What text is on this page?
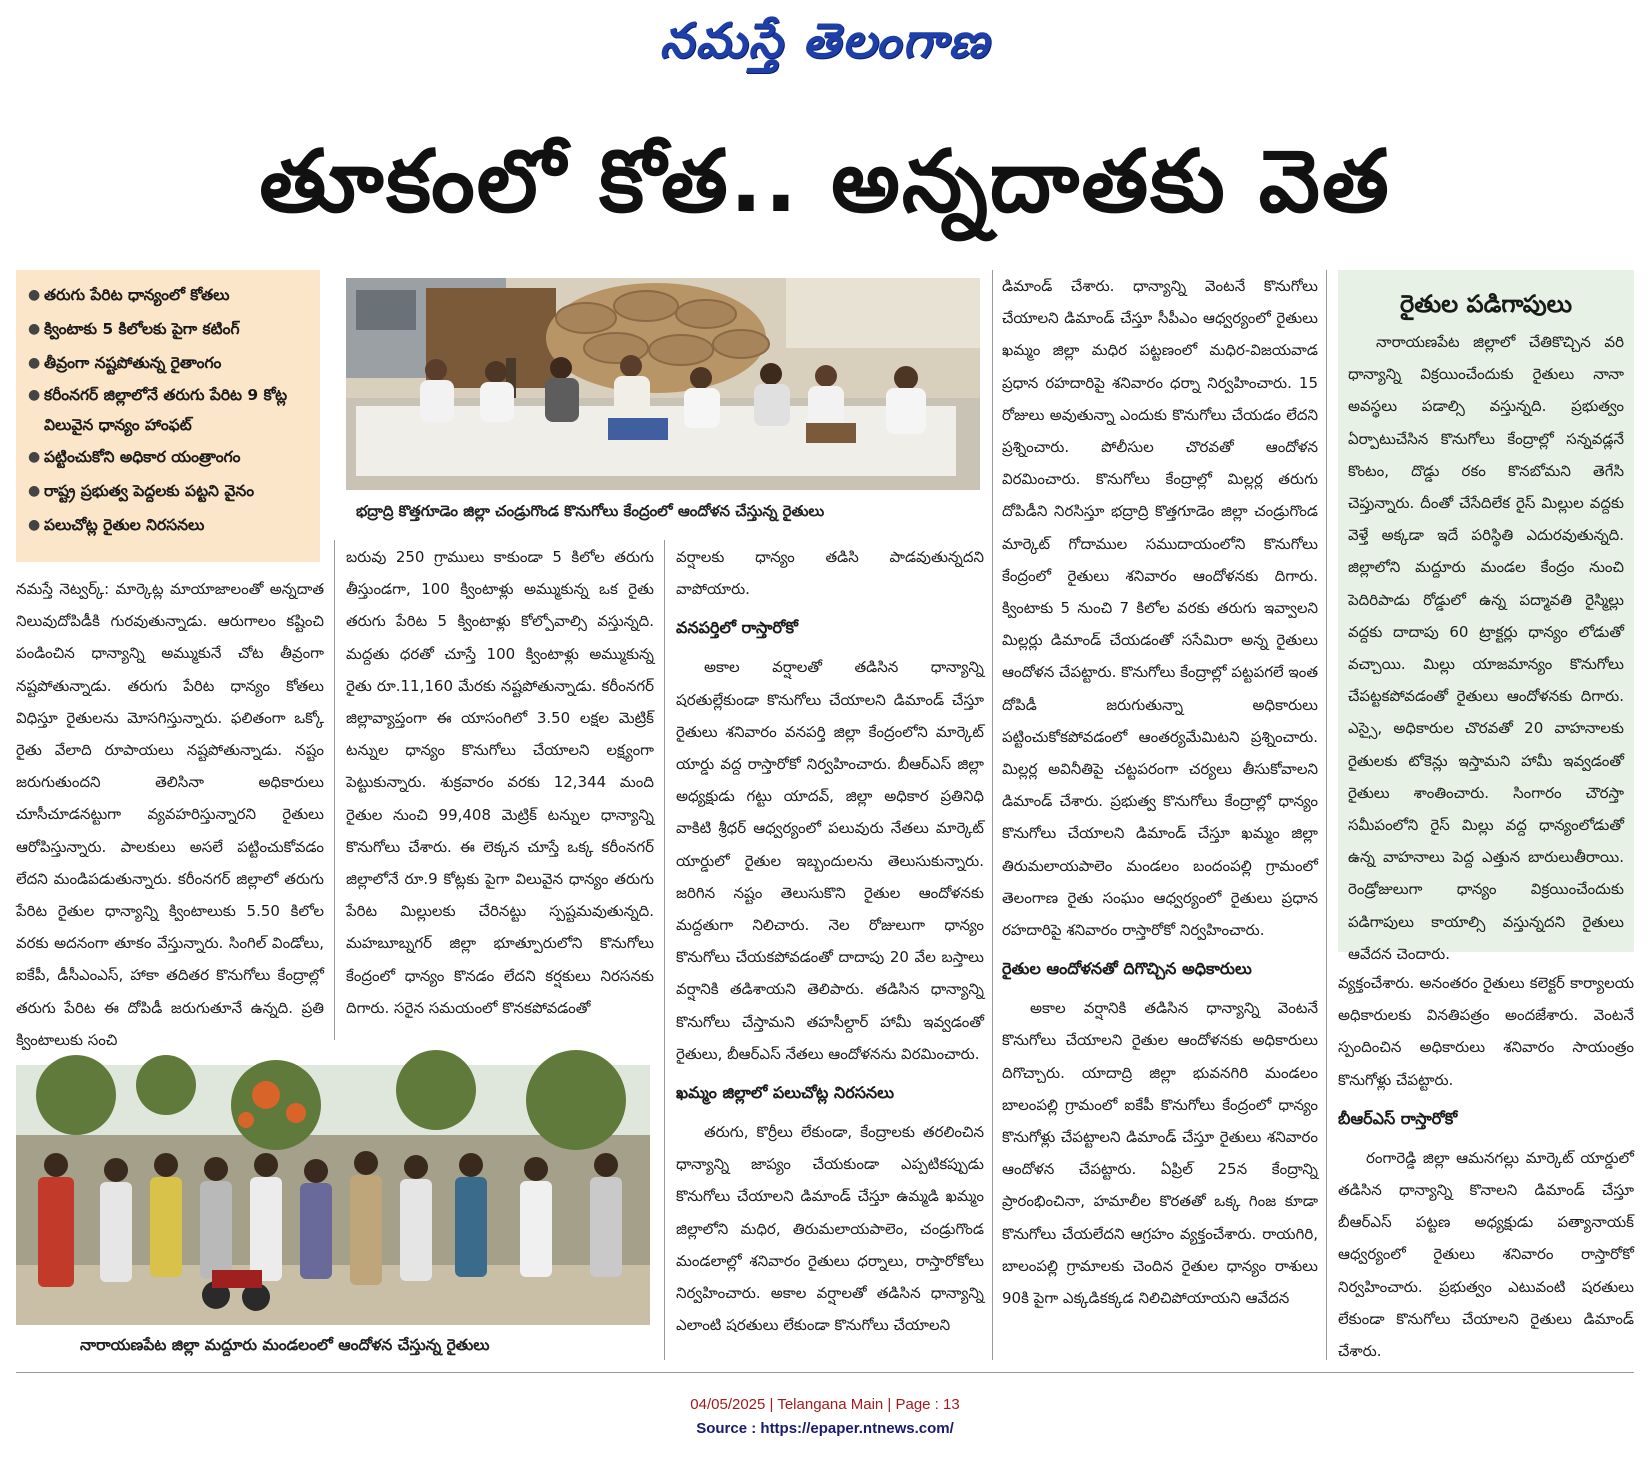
నమస్తే తెలంగాణ
తూకంలో కోత.. అన్నదాతకు వెత
● తరుగు పేరిట ధాన్యంలో కోతలు
● క్వింటాకు 5 కిలోలకు పైగా కటింగ్
● తీవ్రంగా నష్టపోతున్న రైతాంగం
● కరీంనగర్ జిల్లాలోనే తరుగు పేరిట 9 కోట్ల విలువైన ధాన్యం హాంఫట్
● పట్టించుకోని అధికార యంత్రాంగం
● రాష్ట్ర ప్రభుత్వ పెద్దలకు పట్టని వైనం
● పలుచోట్ల రైతుల నిరసనలు
భద్రాద్రి కొత్తగూడెం జిల్లా చండ్రుగొండ కొనుగోలు కేంద్రంలో ఆందోళన చేస్తున్న రైతులు

నమస్తే నెట్వర్క్: మార్కెట్ల మాయాజాలంతో అన్నదాత నిలువుదోపిడీకి గురవుతున్నాడు. ఆరుగాలం కష్టించి పండించిన ధాన్యాన్ని అమ్ముకునే చోట తీవ్రంగా నష్టపోతున్నాడు. తరుగు పేరిట ధాన్యం కోతలు విధిస్తూ రైతులను మోసగిస్తున్నారు. ఫలితంగా ఒక్కో రైతు వేలాది రూపాయలు నష్టపోతున్నాడు. నష్టం జరుగుతుందని తెలిసినా అధికారులు చూసీచూడనట్టుగా వ్యవహరిస్తున్నారని రైతులు ఆరోపిస్తున్నారు. పాలకులు అసలే పట్టించుకోవడం లేదని మండిపడుతున్నారు. కరీంనగర్ జిల్లాలో తరుగు పేరిట రైతుల ధాన్యాన్ని క్వింటాలుకు 5.50 కిలోల వరకు అదనంగా తూకం వేస్తున్నారు. సింగిల్ విండోలు, ఐకేపీ, డీసీఎంఎస్, హాకా తదితర కొనుగోలు కేంద్రాల్లో తరుగు పేరిట ఈ దోపిడీ జరుగుతూనే ఉన్నది. ప్రతి క్వింటాలుకు సంచి

బరువు 250 గ్రాములు కాకుండా 5 కిలోల తరుగు తీస్తుండగా, 100 క్వింటాళ్లు అమ్ముకున్న ఒక రైతు తరుగు పేరిట 5 క్వింటాళ్లు కోల్పోవాల్సి వస్తున్నది. మద్దతు ధరతో చూస్తే 100 క్వింటాళ్లు అమ్ముకున్న రైతు రూ.11,160 మేరకు నష్టపోతున్నాడు. కరీంనగర్ జిల్లావ్యాప్తంగా ఈ యాసంగిలో 3.50 లక్షల మెట్రిక్ టన్నుల ధాన్యం కొనుగోలు చేయాలని లక్ష్యంగా పెట్టుకున్నారు. శుక్రవారం వరకు 12,344 మంది రైతుల నుంచి 99,408 మెట్రిక్ టన్నుల ధాన్యాన్ని కొనుగోలు చేశారు. ఈ లెక్కన చూస్తే ఒక్క కరీంనగర్ జిల్లాలోనే రూ.9 కోట్లకు పైగా విలువైన ధాన్యం తరుగు పేరిట మిల్లులకు చేరినట్టు స్పష్టమవుతున్నది. మహబూబ్నగర్ జిల్లా భూత్పూరులోని కొనుగోలు కేంద్రంలో ధాన్యం కొనడం లేదని కర్షకులు నిరసనకు దిగారు. సరైన సమయంలో కొనకపోవడంతో

నారాయణపేట జిల్లా మద్దూరు మండలంలో ఆందోళన చేస్తున్న రైతులు

వర్షాలకు ధాన్యం తడిసి పాడవుతున్నదని వాపోయారు.

వనపర్తిలో రాస్తారోకో

అకాల వర్షాలతో తడిసిన ధాన్యాన్ని షరతుల్లేకుండా కొనుగోలు చేయాలని డిమాండ్ చేస్తూ రైతులు శనివారం వనపర్తి జిల్లా కేంద్రంలోని మార్కెట్ యార్డు వద్ద రాస్తారోకో నిర్వహించారు. బీఆర్ఎస్ జిల్లా అధ్యక్షుడు గట్టు యాదవ్, జిల్లా అధికార ప్రతినిధి వాకిటి శ్రీధర్ ఆధ్వర్యంలో పలువురు నేతలు మార్కెట్ యార్డులో రైతుల ఇబ్బందులను తెలుసుకున్నారు. జరిగిన నష్టం తెలుసుకొని రైతుల ఆందోళనకు మద్దతుగా నిలిచారు. నెల రోజులుగా ధాన్యం కొనుగోలు చేయకపోవడంతో దాదాపు 20 వేల బస్తాలు వర్షానికి తడిశాయని తెలిపారు. తడిసిన ధాన్యాన్ని కొనుగోలు చేస్తామని తహసీల్దార్ హామీ ఇవ్వడంతో రైతులు, బీఆర్ఎస్ నేతలు ఆందోళనను విరమించారు.

ఖమ్మం జిల్లాలో పలుచోట్ల నిరసనలు

తరుగు, కొర్రీలు లేకుండా, కేంద్రాలకు తరలించిన ధాన్యాన్ని జాప్యం చేయకుండా ఎప్పటికప్పుడు కొనుగోలు చేయాలని డిమాండ్ చేస్తూ ఉమ్మడి ఖమ్మం జిల్లాలోని మధిర, తిరుమలాయపాలెం, చండ్రుగొండ మండలాల్లో శనివారం రైతులు ధర్నాలు, రాస్తారోకోలు నిర్వహించారు. అకాల వర్షాలతో తడిసిన ధాన్యాన్ని ఎలాంటి షరతులు లేకుండా కొనుగోలు చేయాలని

డిమాండ్ చేశారు. ధాన్యాన్ని వెంటనే కొనుగోలు చేయాలని డిమాండ్ చేస్తూ సీపీఎం ఆధ్వర్యంలో రైతులు ఖమ్మం జిల్లా మధిర పట్టణంలో మధిర-విజయవాడ ప్రధాన రహదారిపై శనివారం ధర్నా నిర్వహించారు. 15 రోజులు అవుతున్నా ఎందుకు కొనుగోలు చేయడం లేదని ప్రశ్నించారు. పోలీసుల చొరవతో ఆందోళన విరమించారు. కొనుగోలు కేంద్రాల్లో మిల్లర్ల తరుగు దోపిడీని నిరసిస్తూ భద్రాద్రి కొత్తగూడెం జిల్లా చండ్రుగొండ మార్కెట్ గోదాముల సముదాయంలోని కొనుగోలు కేంద్రంలో రైతులు శనివారం ఆందోళనకు దిగారు. క్వింటాకు 5 నుంచి 7 కిలోల వరకు తరుగు ఇవ్వాలని మిల్లర్లు డిమాండ్ చేయడంతో ససేమిరా అన్న రైతులు ఆందోళన చేపట్టారు. కొనుగోలు కేంద్రాల్లో పట్టపగలే ఇంత దోపిడీ జరుగుతున్నా అధికారులు పట్టించుకోకపోవడంలో ఆంతర్యమేమిటని ప్రశ్నించారు. మిల్లర్ల అవినీతిపై చట్టపరంగా చర్యలు తీసుకోవాలని డిమాండ్ చేశారు. ప్రభుత్వ కొనుగోలు కేంద్రాల్లో ధాన్యం కొనుగోలు చేయాలని డిమాండ్ చేస్తూ ఖమ్మం జిల్లా తిరుమలాయపాలెం మండలం బందంపల్లి గ్రామంలో తెలంగాణ రైతు సంఘం ఆధ్వర్యంలో రైతులు ప్రధాన రహదారిపై శనివారం రాస్తారోకో నిర్వహించారు.

రైతుల ఆందోళనతో దిగొచ్చిన అధికారులు

అకాల వర్షానికి తడిసిన ధాన్యాన్ని వెంటనే కొనుగోలు చేయాలని రైతుల ఆందోళనకు అధికారులు దిగొచ్చారు. యాదాద్రి జిల్లా భువనగిరి మండలం బాలంపల్లి గ్రామంలో ఐకేపీ కొనుగోలు కేంద్రంలో ధాన్యం కొనుగోళ్లు చేపట్టాలని డిమాండ్ చేస్తూ రైతులు శనివారం ఆందోళన చేపట్టారు. ఏప్రిల్ 25న కేంద్రాన్ని ప్రారంభించినా, హమాలీల కొరతతో ఒక్క గింజ కూడా కొనుగోలు చేయలేదని ఆగ్రహం వ్యక్తంచేశారు. రాయగిరి, బాలంపల్లి గ్రామాలకు చెందిన రైతుల ధాన్యం రాశులు 90కి పైగా ఎక్కడికక్కడ నిలిచిపోయాయని ఆవేదన

రైతుల పడిగాపులు

నారాయణపేట జిల్లాలో చేతికొచ్చిన వరి ధాన్యాన్ని విక్రయించేందుకు రైతులు నానా అవస్థలు పడాల్సి వస్తున్నది. ప్రభుత్వం ఏర్పాటుచేసిన కొనుగోలు కేంద్రాల్లో సన్నవడ్లనే కొంటం, దొడ్డు రకం కొనబోమని తెగేసి చెప్తున్నారు. దీంతో చేసేదిలేక రైస్ మిల్లుల వద్దకు వెళ్తే అక్కడా ఇదే పరిస్థితి ఎదురవుతున్నది. జిల్లాలోని మద్దూరు మండల కేంద్రం నుంచి పెదిరిపాడు రోడ్డులో ఉన్న పద్మావతి రైస్మిల్లు వద్దకు దాదాపు 60 ట్రాక్టర్లు ధాన్యం లోడుతో వచ్చాయి. మిల్లు యాజమాన్యం కొనుగోలు చేపట్టకపోవడంతో రైతులు ఆందోళనకు దిగారు. ఎస్సై, అధికారుల చొరవతో 20 వాహనాలకు రైతులకు టోకెన్లు ఇస్తామని హామీ ఇవ్వడంతో రైతులు శాంతించారు. సింగారం చౌరస్తా సమీపంలోని రైస్ మిల్లు వద్ద ధాన్యంలోడుతో ఉన్న వాహనాలు పెద్ద ఎత్తున బారులుతీరాయి. రెండ్రోజులుగా ధాన్యం విక్రయించేందుకు పడిగాపులు కాయాల్సి వస్తున్నదని రైతులు ఆవేదన చెందారు.

వ్యక్తంచేశారు. అనంతరం రైతులు కలెక్టర్ కార్యాలయ అధికారులకు వినతిపత్రం అందజేశారు. వెంటనే స్పందించిన అధికారులు శనివారం సాయంత్రం కొనుగోళ్లు చేపట్టారు.

బీఆర్ఎస్ రాస్తారోకో

రంగారెడ్డి జిల్లా ఆమనగల్లు మార్కెట్ యార్డులో తడిసిన ధాన్యాన్ని కొనాలని డిమాండ్ చేస్తూ బీఆర్ఎస్ పట్టణ అధ్యక్షుడు పత్యానాయక్ ఆధ్వర్యంలో రైతులు శనివారం రాస్తారోకో నిర్వహించారు. ప్రభుత్వం ఎటువంటి షరతులు లేకుండా కొనుగోలు చేయాలని రైతులు డిమాండ్ చేశారు.

04/05/2025 | Telangana Main | Page : 13
Source : https://epaper.ntnews.com/
